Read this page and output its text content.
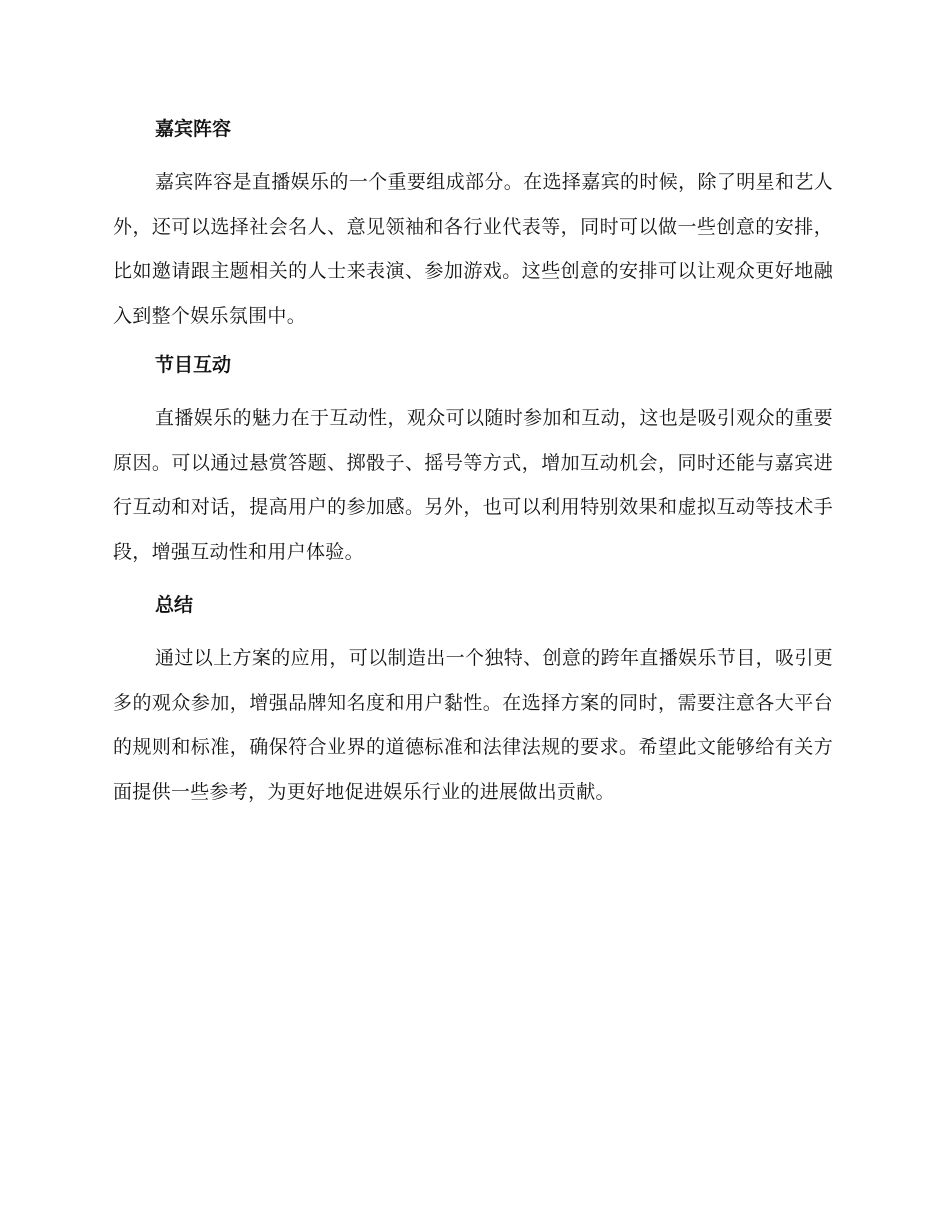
嘉宾阵容

嘉宾阵容是直播娱乐的一个重要组成部分。在选择嘉宾的时候，除了明星和艺人外，还可以选择社会名人、意见领袖和各行业代表等，同时可以做一些创意的安排，比如邀请跟主题相关的人士来表演、参加游戏。这些创意的安排可以让观众更好地融入到整个娱乐氛围中。

节目互动

直播娱乐的魅力在于互动性，观众可以随时参加和互动，这也是吸引观众的重要原因。可以通过悬赏答题、掷骰子、摇号等方式，增加互动机会，同时还能与嘉宾进行互动和对话，提高用户的参加感。另外，也可以利用特别效果和虚拟互动等技术手段，增强互动性和用户体验。

总结

通过以上方案的应用，可以制造出一个独特、创意的跨年直播娱乐节目，吸引更多的观众参加，增强品牌知名度和用户黏性。在选择方案的同时，需要注意各大平台的规则和标准，确保符合业界的道德标准和法律法规的要求。希望此文能够给有关方面提供一些参考，为更好地促进娱乐行业的进展做出贡献。
